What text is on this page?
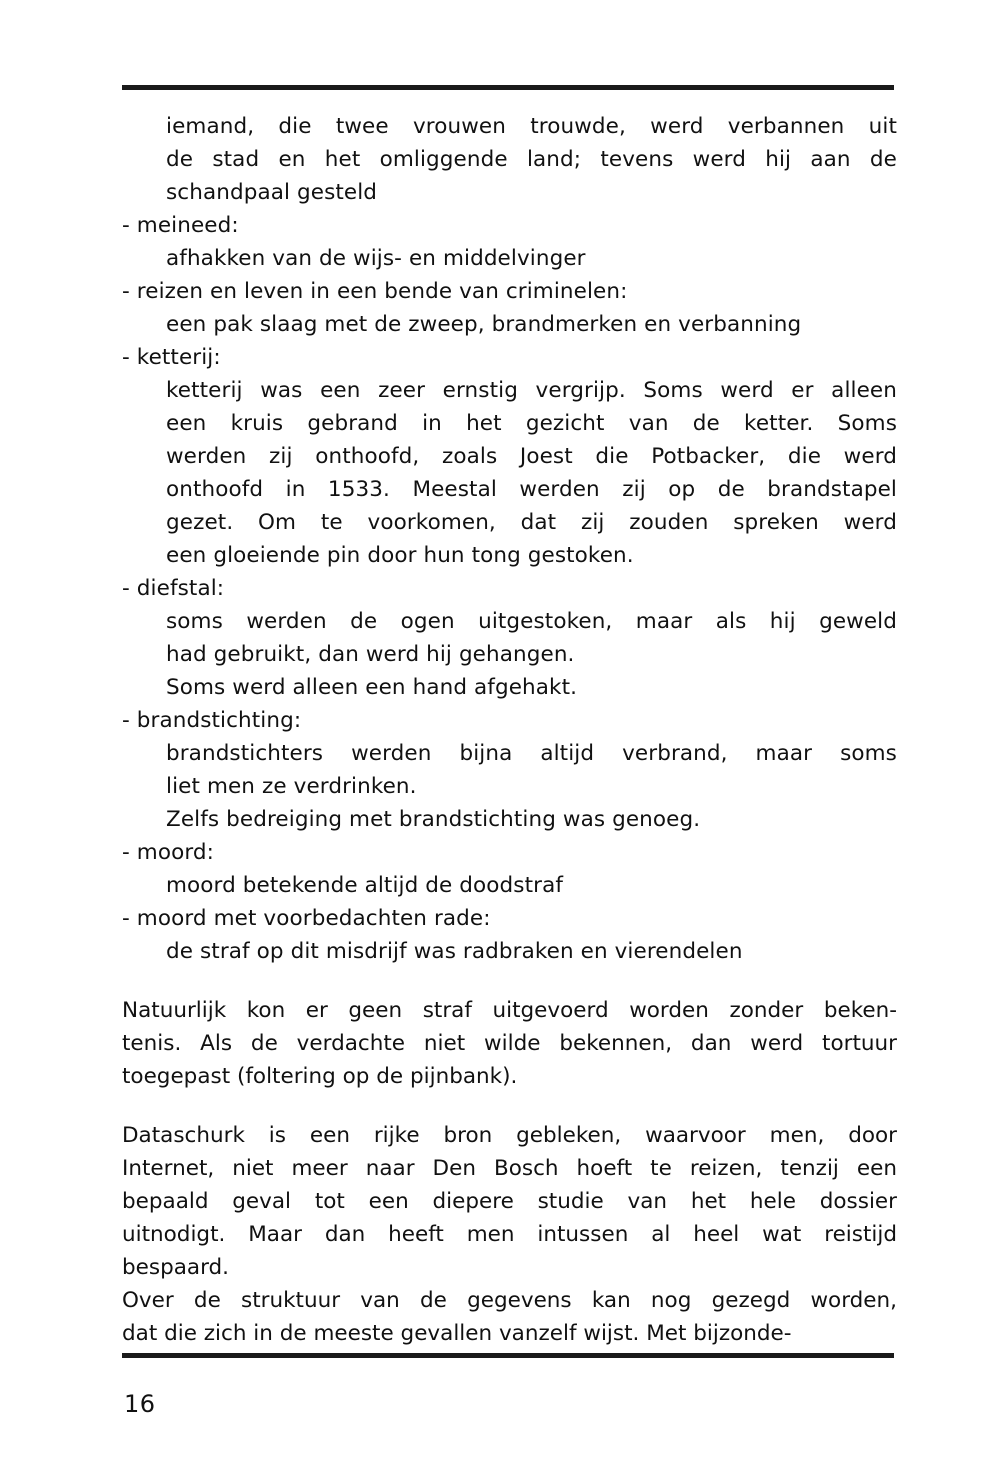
iemand, die twee vrouwen trouwde, werd verbannen uit
de stad en het omliggende land; tevens werd hij aan de
schandpaal gesteld
- meineed:
afhakken van de wijs- en middelvinger
- reizen en leven in een bende van criminelen:
een pak slaag met de zweep, brandmerken en verbanning
- ketterij:
ketterij was een zeer ernstig vergrijp. Soms werd er alleen
een kruis gebrand in het gezicht van de ketter. Soms
werden zij onthoofd, zoals Joest die Potbacker, die werd
onthoofd in 1533. Meestal werden zij op de brandstapel
gezet. Om te voorkomen, dat zij zouden spreken werd
een gloeiende pin door hun tong gestoken.
- diefstal:
soms werden de ogen uitgestoken, maar als hij geweld
had gebruikt, dan werd hij gehangen.
Soms werd alleen een hand afgehakt.
- brandstichting:
brandstichters werden bijna altijd verbrand, maar soms
liet men ze verdrinken.
Zelfs bedreiging met brandstichting was genoeg.
- moord:
moord betekende altijd de doodstraf
- moord met voorbedachten rade:
de straf op dit misdrijf was radbraken en vierendelen
Natuurlijk kon er geen straf uitgevoerd worden zonder beken-
tenis. Als de verdachte niet wilde bekennen, dan werd tortuur
toegepast (foltering op de pijnbank).
Dataschurk is een rijke bron gebleken, waarvoor men, door
Internet, niet meer naar Den Bosch hoeft te reizen, tenzij een
bepaald geval tot een diepere studie van het hele dossier
uitnodigt. Maar dan heeft men intussen al heel wat reistijd
bespaard.
Over de struktuur van de gegevens kan nog gezegd worden,
dat die zich in de meeste gevallen vanzelf wijst. Met bijzonde-
16
